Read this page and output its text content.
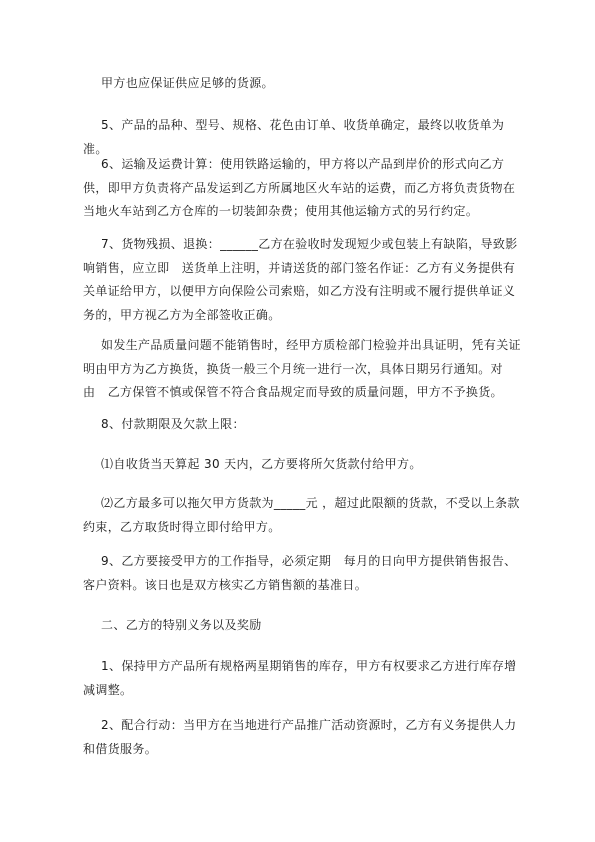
甲方也应保证供应足够的货源。

5、产品的品种、型号、规格、花色由订单、收货单确定，最终以收货单为准。

6、运输及运费计算：使用铁路运输的，甲方将以产品到岸价的形式向乙方供，即甲方负责将产品发运到乙方所属地区火车站的运费，而乙方将负责货物在当地火车站到乙方仓库的一切装卸杂费；使用其他运输方式的另行约定。

7、货物残损、退换：______乙方在验收时发现短少或包装上有缺陷，导致影响销售，应立即　送货单上注明，并请送货的部门签名作证：乙方有义务提供有关单证给甲方，以便甲方向保险公司索赔，如乙方没有注明或不履行提供单证义务的，甲方视乙方为全部签收正确。

如发生产品质量问题不能销售时，经甲方质检部门检验并出具证明，凭有关证明由甲方为乙方换货，换货一般三个月统一进行一次，具体日期另行通知。对　由　乙方保管不慎或保管不符合食品规定而导致的质量问题，甲方不予换货。

8、付款期限及欠款上限：

⑴自收货当天算起 30 天内，乙方要将所欠货款付给甲方。

⑵乙方最多可以拖欠甲方货款为_____元 ，超过此限额的货款，不受以上条款约束，乙方取货时得立即付给甲方。

9、乙方要接受甲方的工作指导，必须定期　每月的日向甲方提供销售报告、客户资料。该日也是双方核实乙方销售额的基准日。

二、乙方的特别义务以及奖励

1、保持甲方产品所有规格两星期销售的库存，甲方有权要求乙方进行库存增减调整。

2、配合行动：当甲方在当地进行产品推广活动资源时，乙方有义务提供人力和借货服务。
